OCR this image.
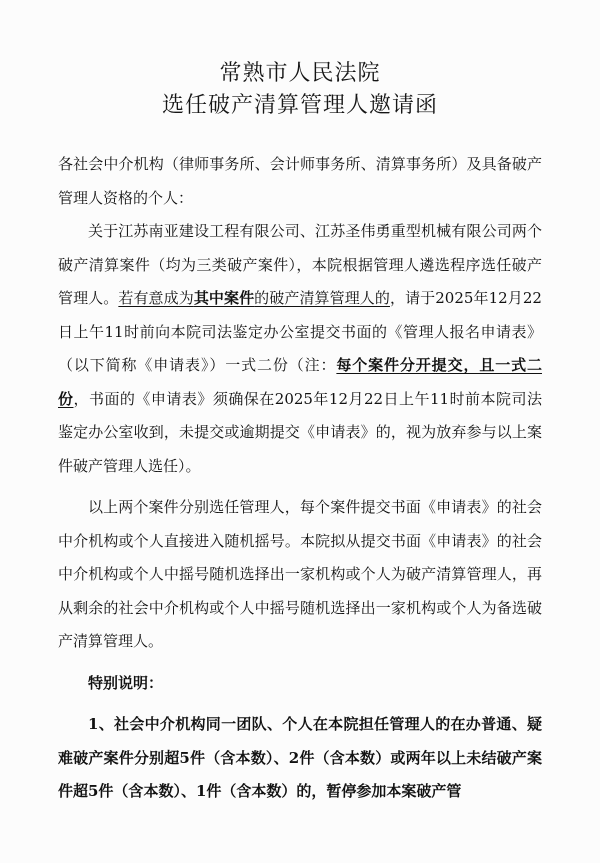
常熟市人民法院
选任破产清算管理人邀请函

各社会中介机构（律师事务所、会计师事务所、清算事务所）及具备破产管理人资格的个人：

关于江苏南亚建设工程有限公司、江苏圣伟勇重型机械有限公司两个破产清算案件（均为三类破产案件），本院根据管理人遴选程序选任破产管理人。若有意成为其中案件的破产清算管理人的，请于2025年12月22日上午11时前向本院司法鉴定办公室提交书面的《管理人报名申请表》（以下简称《申请表》）一式二份（注：每个案件分开提交，且一式二份，书面的《申请表》须确保在2025年12月22日上午11时前本院司法鉴定办公室收到，未提交或逾期提交《申请表》的，视为放弃参与以上案件破产管理人选任）。

以上两个案件分别选任管理人，每个案件提交书面《申请表》的社会中介机构或个人直接进入随机摇号。本院拟从提交书面《申请表》的社会中介机构或个人中摇号随机选择出一家机构或个人为破产清算管理人，再从剩余的社会中介机构或个人中摇号随机选择出一家机构或个人为备选破产清算管理人。

特别说明：

1、社会中介机构同一团队、个人在本院担任管理人的在办普通、疑难破产案件分别超5件（含本数）、2件（含本数）或两年以上未结破产案件超5件（含本数）、1件（含本数）的，暂停参加本案破产管
